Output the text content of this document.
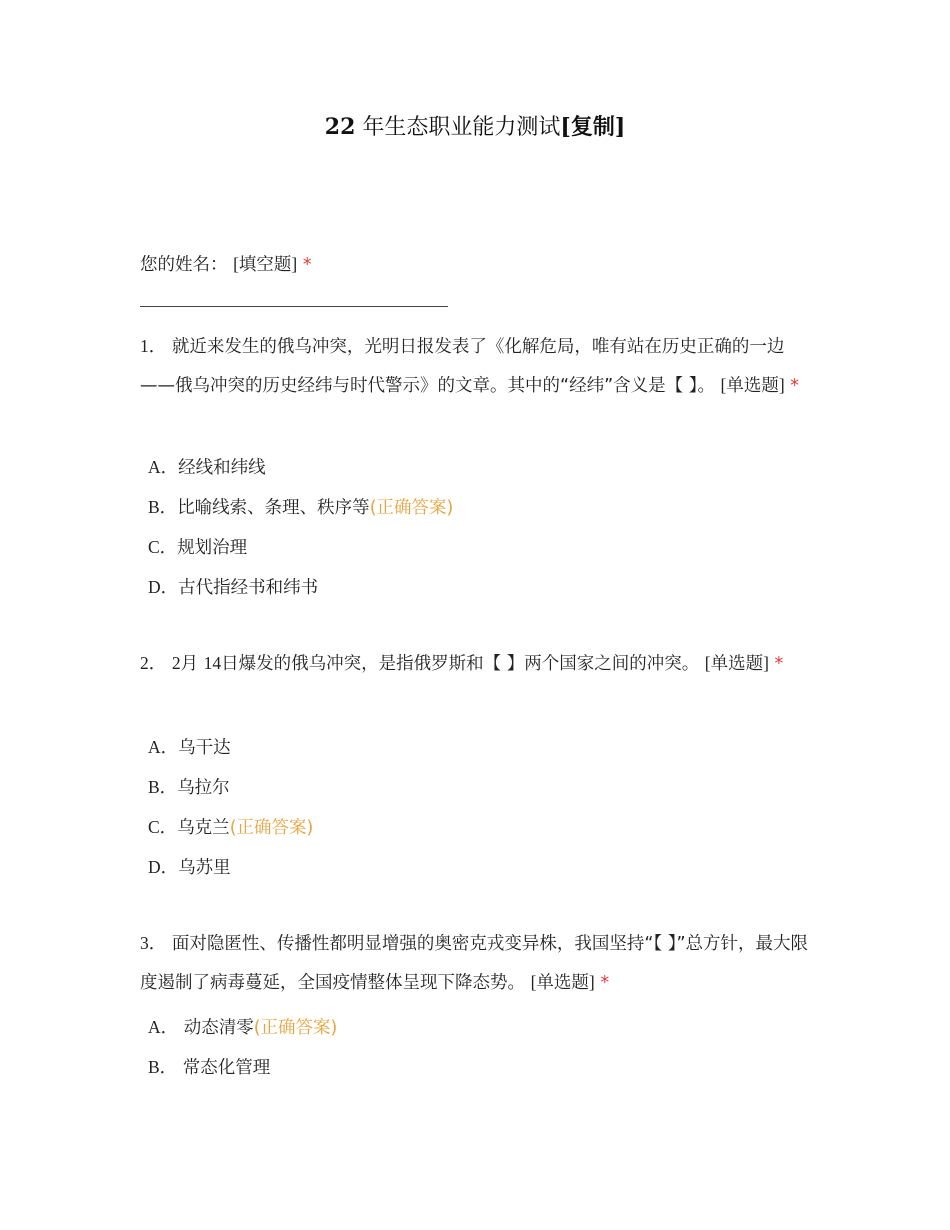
22 年生态职业能力测试[复制]
您的姓名： [填空题] *
1． 就近来发生的俄乌冲突，光明日报发表了《化解危局，唯有站在历史正确的一边——俄乌冲突的历史经纬与时代警示》的文章。其中的“经纬”含义是【 】。 [单选题] *
A．经线和纬线
B．比喻线索、条理、秩序等(正确答案)
C．规划治理
D．古代指经书和纬书
2． 2月 14日爆发的俄乌冲突，是指俄罗斯和【 】两个国家之间的冲突。 [单选题] *
A．乌干达
B．乌拉尔
C．乌克兰(正确答案)
D．乌苏里
3． 面对隐匿性、传播性都明显增强的奥密克戎变异株，我国坚持“【 】”总方针，最大限度遏制了病毒蔓延，全国疫情整体呈现下降态势。 [单选题] *
A． 动态清零(正确答案)
B． 常态化管理
